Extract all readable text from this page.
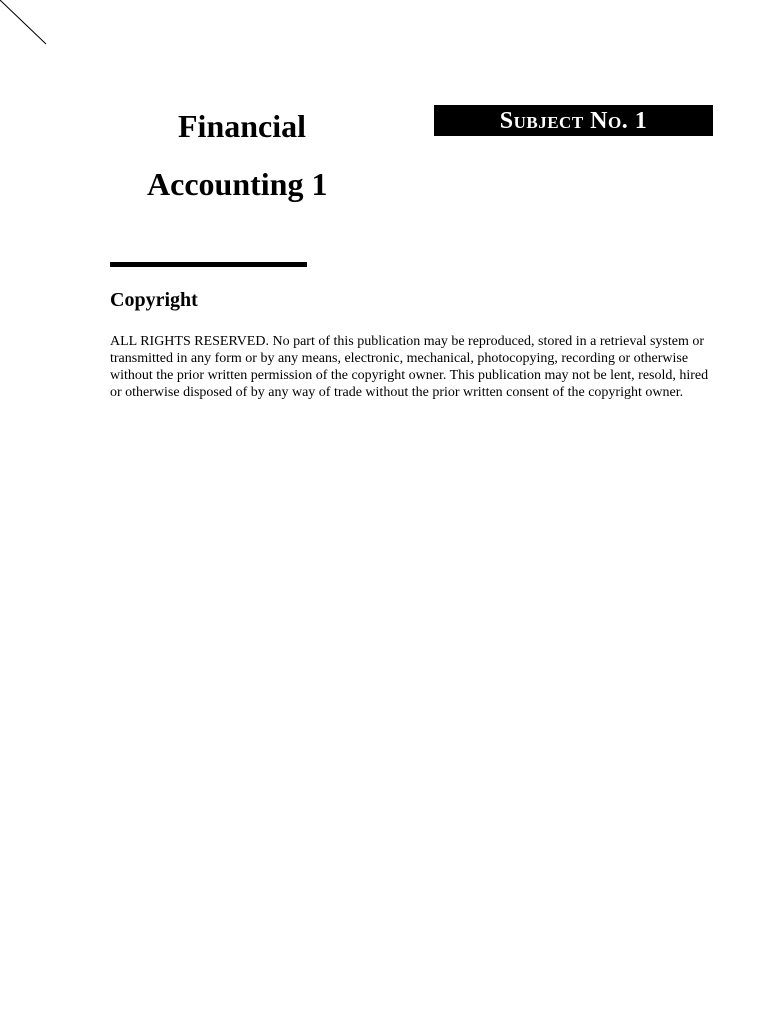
Financial
Accounting 1
Subject No. 1
Copyright

ALL RIGHTS RESERVED. No part of this publication may be reproduced, stored in a retrieval system or transmitted in any form or by any means, electronic, mechanical, photocopying, recording or otherwise without the prior written permission of the copyright owner. This publication may not be lent, resold, hired or otherwise disposed of by any way of trade without the prior written consent of the copyright owner.
